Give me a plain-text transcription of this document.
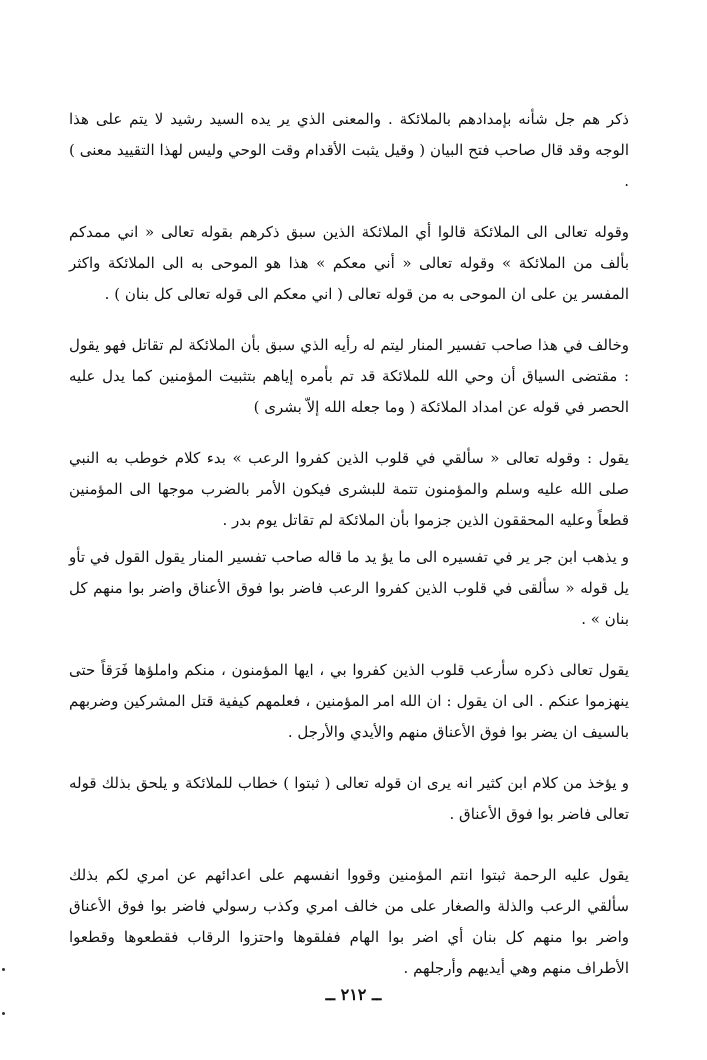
ذكر هم جل شأنه بإمدادهم بالملائكة . والمعنى الذي ير يده السيد رشيد لا يتم على هذا الوجه وقد قال صاحب فتح البيان ( وقيل يثبت الأقدام وقت الوحي وليس لهذا التقييد معنى ) .

وقوله تعالى الى الملائكة قالوا أي الملائكة الذين سبق ذكرهم بقوله تعالى « اني ممدكم بألف من الملائكة » وقوله تعالى « أني معكم » هذا هو الموحى به الى الملائكة واكثر المفسر ين على ان الموحى به من قوله تعالى ( اني معكم الى قوله تعالى كل بنان ) .

وخالف في هذا صاحب تفسير المنار ليتم له رأيه الذي سبق بأن الملائكة لم تقاتل فهو يقول : مقتضى السياق أن وحي الله للملائكة قد تم بأمره إياهم بتثبيت المؤمنين كما يدل عليه الحصر في قوله عن امداد الملائكة ( وما جعله الله إلاّ بشرى )

يقول : وقوله تعالى « سألقي في قلوب الذين كفروا الرعب » بدء كلام خوطب به النبي صلى الله عليه وسلم والمؤمنون تتمة للبشرى فيكون الأمر بالضرب موجها الى المؤمنين قطعاً وعليه المحققون الذين جزموا بأن الملائكة لم تقاتل يوم بدر .

و يذهب ابن جر ير في تفسيره الى ما يؤ يد ما قاله صاحب تفسير المنار يقول القول في تأو يل قوله « سألقى في قلوب الذين كفروا الرعب فاضر بوا فوق الأعناق واضر بوا منهم كل بنان » .

يقول تعالى ذكره سأرعب قلوب الذين كفروا بي ، ايها المؤمنون ، منكم واملؤها فَرَقاً حتى ينهزموا عنكم . الى ان يقول : ان الله امر المؤمنين ، فعلمهم كيفية قتل المشركين وضربهم بالسيف ان يضر بوا فوق الأعناق منهم والأيدي والأرجل .

و يؤخذ من كلام ابن كثير انه يرى ان قوله تعالى ( ثبتوا ) خطاب للملائكة و يلحق بذلك قوله تعالى فاضر بوا فوق الأعناق .

يقول عليه الرحمة ثبتوا انتم المؤمنين وقووا انفسهم على اعدائهم عن امري لكم بذلك سألقي الرعب والذلة والصغار على من خالف امري وكذب رسولي فاضر بوا فوق الأعناق واضر بوا منهم كل بنان أي اضر بوا الهام ففلقوها واحتزوا الرقاب فقطعوها وقطعوا الأطراف منهم وهي أيديهم وأرجلهم .

ــ ٢١٢ ــ
